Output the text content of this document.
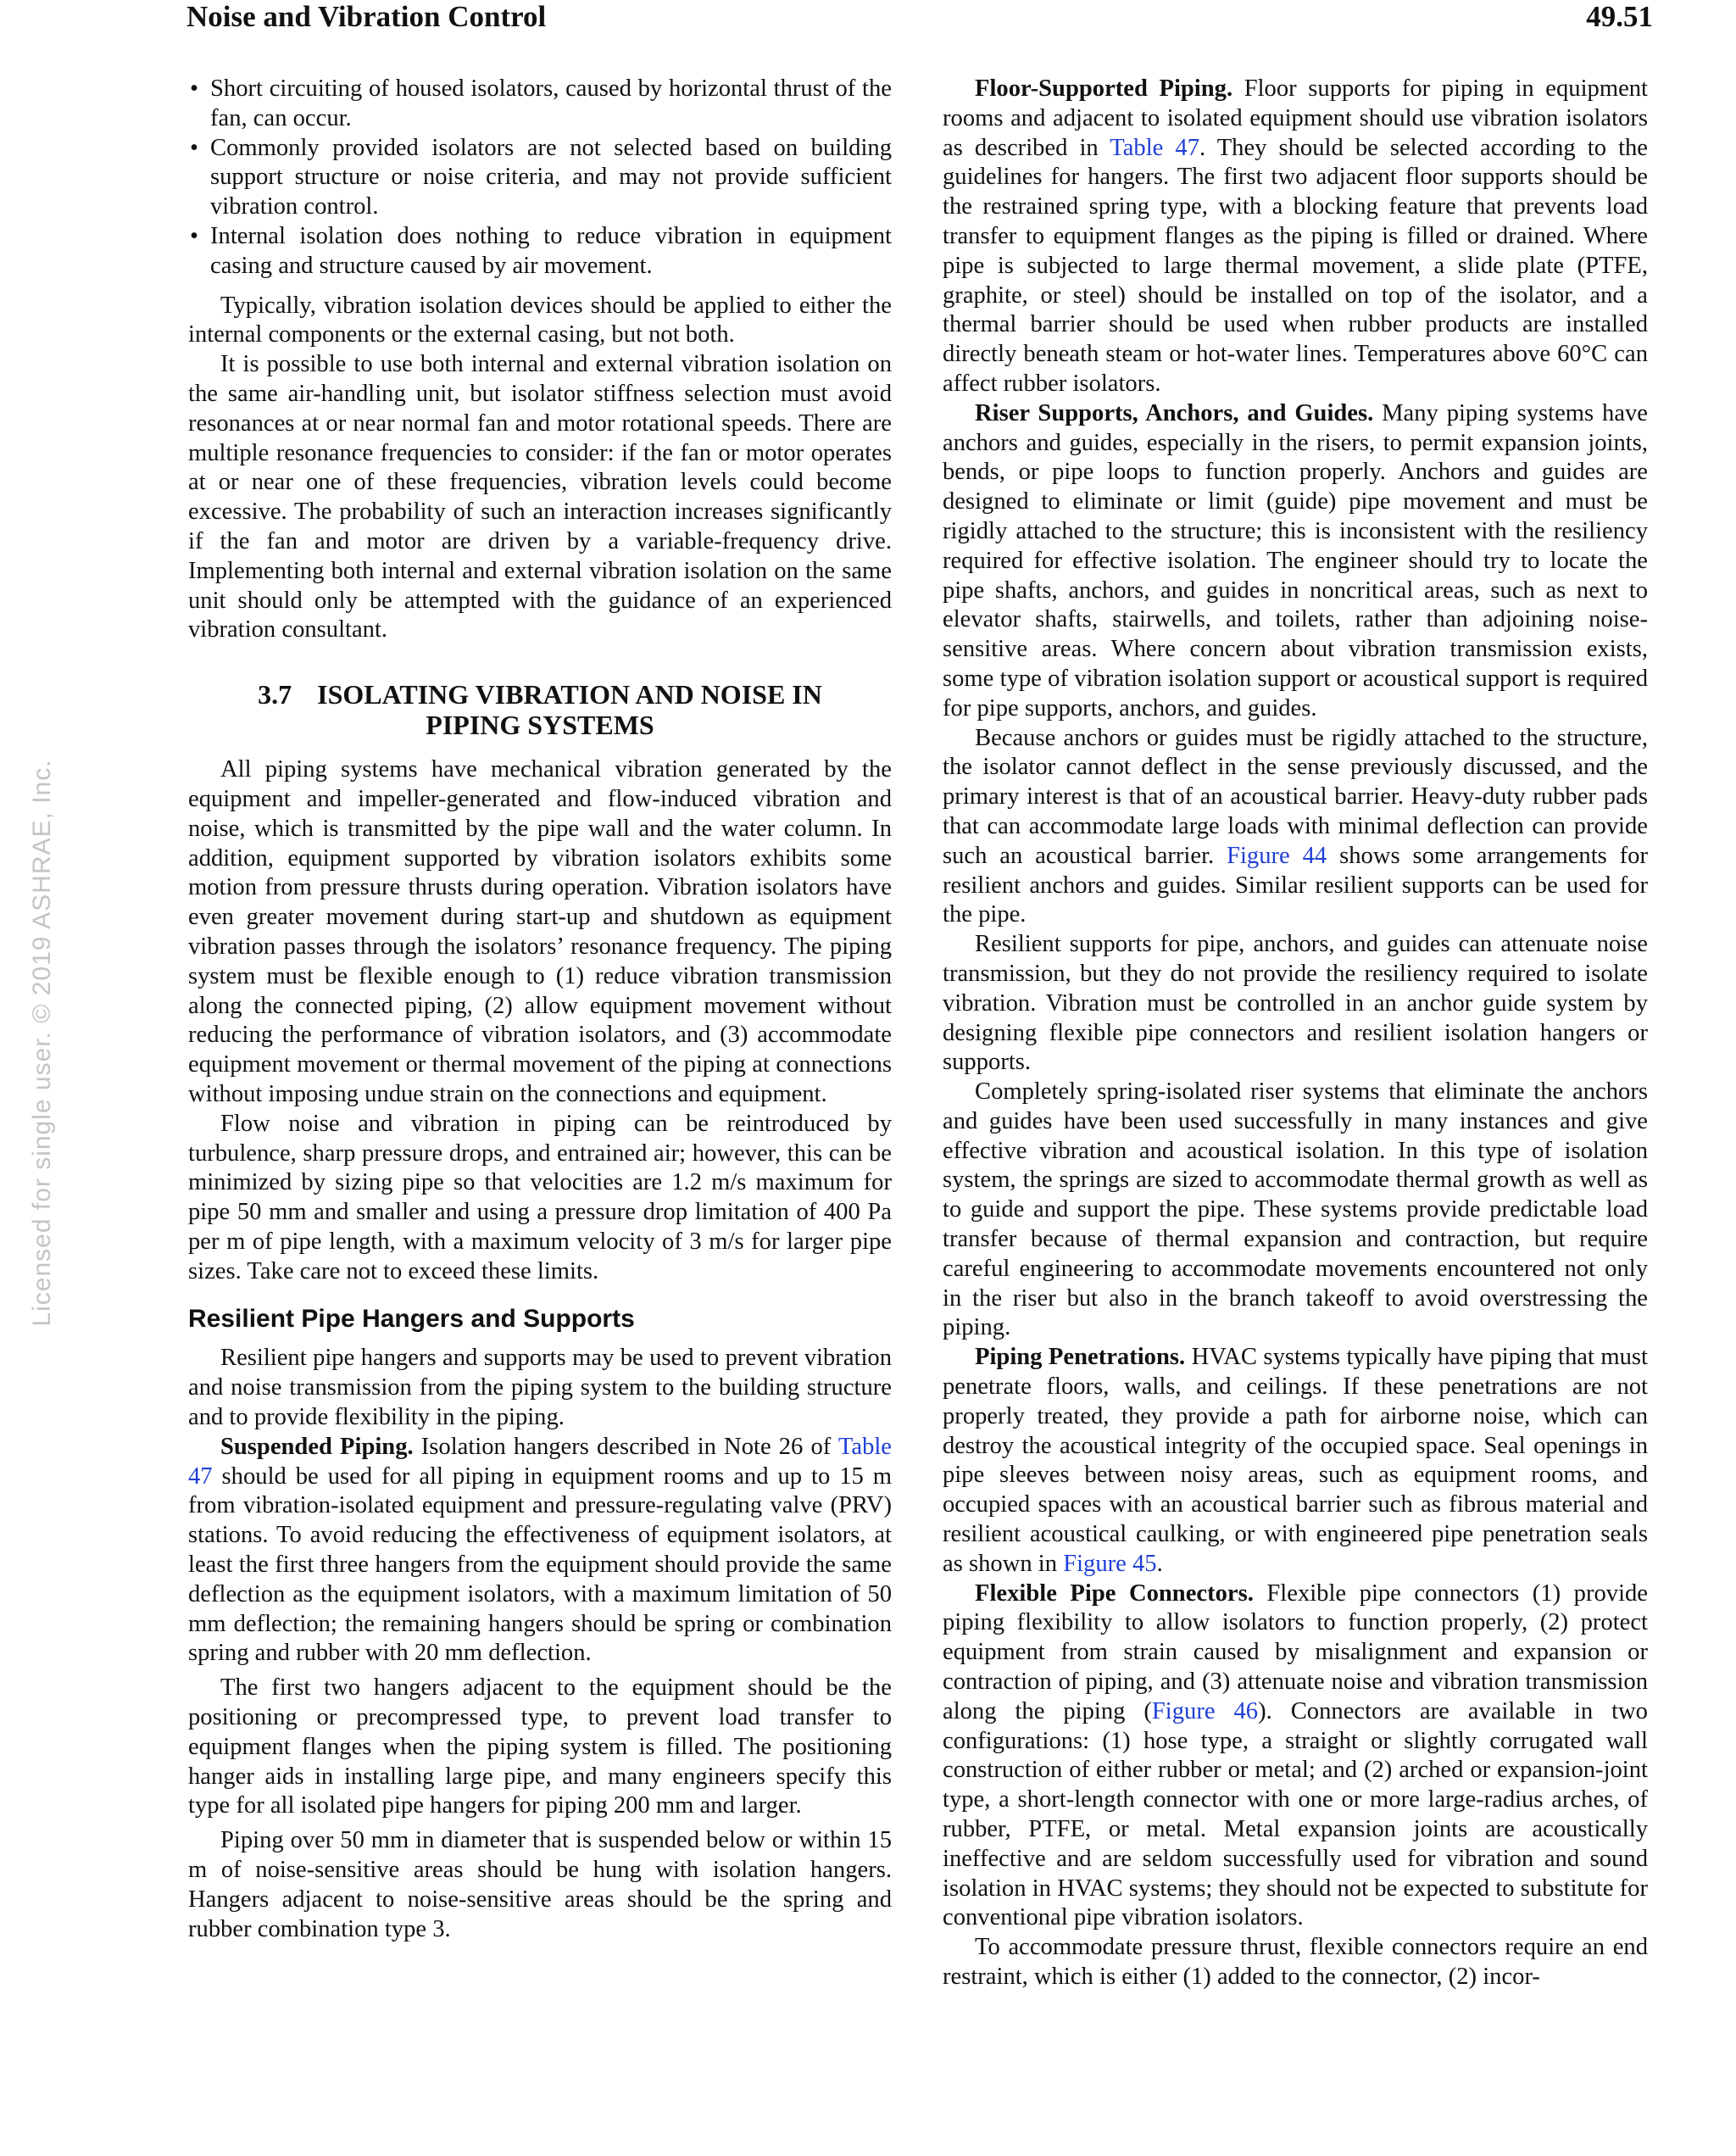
Noise and Vibration Control	49.51
Licensed for single user. © 2019 ASHRAE, Inc.
• Short circuiting of housed isolators, caused by horizontal thrust of the fan, can occur.
• Commonly provided isolators are not selected based on building support structure or noise criteria, and may not provide sufficient vibration control.
• Internal isolation does nothing to reduce vibration in equipment casing and structure caused by air movement.

Typically, vibration isolation devices should be applied to either the internal components or the external casing, but not both.

It is possible to use both internal and external vibration isolation on the same air-handling unit, but isolator stiffness selection must avoid resonances at or near normal fan and motor rotational speeds. There are multiple resonance frequencies to consider: if the fan or motor operates at or near one of these frequencies, vibration levels could become excessive. The probability of such an interaction increases significantly if the fan and motor are driven by a variable-frequency drive. Implementing both internal and external vibration isolation on the same unit should only be attempted with the guidance of an experienced vibration consultant.

3.7 ISOLATING VIBRATION AND NOISE IN
PIPING SYSTEMS

All piping systems have mechanical vibration generated by the equipment and impeller-generated and flow-induced vibration and noise, which is transmitted by the pipe wall and the water column. In addition, equipment supported by vibration isolators exhibits some motion from pressure thrusts during operation. Vibration isolators have even greater movement during start-up and shutdown as equipment vibration passes through the isolators’ resonance frequency. The piping system must be flexible enough to (1) reduce vibration transmission along the connected piping, (2) allow equipment movement without reducing the performance of vibration isolators, and (3) accommodate equipment movement or thermal movement of the piping at connections without imposing undue strain on the connections and equipment.

Flow noise and vibration in piping can be reintroduced by turbulence, sharp pressure drops, and entrained air; however, this can be minimized by sizing pipe so that velocities are 1.2 m/s maximum for pipe 50 mm and smaller and using a pressure drop limitation of 400 Pa per m of pipe length, with a maximum velocity of 3 m/s for larger pipe sizes. Take care not to exceed these limits.

Resilient Pipe Hangers and Supports

Resilient pipe hangers and supports may be used to prevent vibration and noise transmission from the piping system to the building structure and to provide flexibility in the piping.

Suspended Piping. Isolation hangers described in Note 26 of Table 47 should be used for all piping in equipment rooms and up to 15 m from vibration-isolated equipment and pressure-regulating valve (PRV) stations. To avoid reducing the effectiveness of equipment isolators, at least the first three hangers from the equipment should provide the same deflection as the equipment isolators, with a maximum limitation of 50 mm deflection; the remaining hangers should be spring or combination spring and rubber with 20 mm deflection.

The first two hangers adjacent to the equipment should be the positioning or precompressed type, to prevent load transfer to equipment flanges when the piping system is filled. The positioning hanger aids in installing large pipe, and many engineers specify this type for all isolated pipe hangers for piping 200 mm and larger.

Piping over 50 mm in diameter that is suspended below or within 15 m of noise-sensitive areas should be hung with isolation hangers. Hangers adjacent to noise-sensitive areas should be the spring and rubber combination type 3.

Floor-Supported Piping. Floor supports for piping in equipment rooms and adjacent to isolated equipment should use vibration isolators as described in Table 47. They should be selected according to the guidelines for hangers. The first two adjacent floor supports should be the restrained spring type, with a blocking feature that prevents load transfer to equipment flanges as the piping is filled or drained. Where pipe is subjected to large thermal movement, a slide plate (PTFE, graphite, or steel) should be installed on top of the isolator, and a thermal barrier should be used when rubber products are installed directly beneath steam or hot-water lines. Temperatures above 60°C can affect rubber isolators.

Riser Supports, Anchors, and Guides. Many piping systems have anchors and guides, especially in the risers, to permit expansion joints, bends, or pipe loops to function properly. Anchors and guides are designed to eliminate or limit (guide) pipe movement and must be rigidly attached to the structure; this is inconsistent with the resiliency required for effective isolation. The engineer should try to locate the pipe shafts, anchors, and guides in noncritical areas, such as next to elevator shafts, stairwells, and toilets, rather than adjoining noise-sensitive areas. Where concern about vibration transmission exists, some type of vibration isolation support or acoustical support is required for pipe supports, anchors, and guides.

Because anchors or guides must be rigidly attached to the structure, the isolator cannot deflect in the sense previously discussed, and the primary interest is that of an acoustical barrier. Heavy-duty rubber pads that can accommodate large loads with minimal deflection can provide such an acoustical barrier. Figure 44 shows some arrangements for resilient anchors and guides. Similar resilient supports can be used for the pipe.

Resilient supports for pipe, anchors, and guides can attenuate noise transmission, but they do not provide the resiliency required to isolate vibration. Vibration must be controlled in an anchor guide system by designing flexible pipe connectors and resilient isolation hangers or supports.

Completely spring-isolated riser systems that eliminate the anchors and guides have been used successfully in many instances and give effective vibration and acoustical isolation. In this type of isolation system, the springs are sized to accommodate thermal growth as well as to guide and support the pipe. These systems provide predictable load transfer because of thermal expansion and contraction, but require careful engineering to accommodate movements encountered not only in the riser but also in the branch takeoff to avoid overstressing the piping.

Piping Penetrations. HVAC systems typically have piping that must penetrate floors, walls, and ceilings. If these penetrations are not properly treated, they provide a path for airborne noise, which can destroy the acoustical integrity of the occupied space. Seal openings in pipe sleeves between noisy areas, such as equipment rooms, and occupied spaces with an acoustical barrier such as fibrous material and resilient acoustical caulking, or with engineered pipe penetration seals as shown in Figure 45.

Flexible Pipe Connectors. Flexible pipe connectors (1) provide piping flexibility to allow isolators to function properly, (2) protect equipment from strain caused by misalignment and expansion or contraction of piping, and (3) attenuate noise and vibration transmission along the piping (Figure 46). Connectors are available in two configurations: (1) hose type, a straight or slightly corrugated wall construction of either rubber or metal; and (2) arched or expansion-joint type, a short-length connector with one or more large-radius arches, of rubber, PTFE, or metal. Metal expansion joints are acoustically ineffective and are seldom successfully used for vibration and sound isolation in HVAC systems; they should not be expected to substitute for conventional pipe vibration isolators.

To accommodate pressure thrust, flexible connectors require an end restraint, which is either (1) added to the connector, (2) incor-
